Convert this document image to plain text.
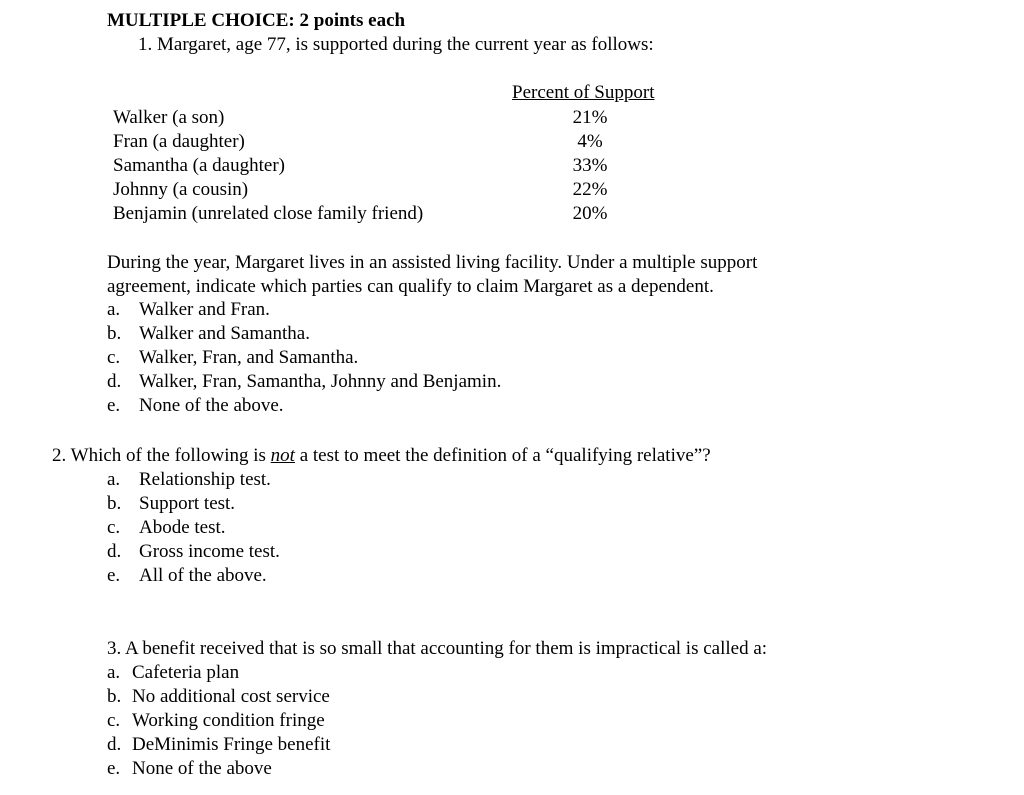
MULTIPLE CHOICE: 2 points each
1. Margaret, age 77, is supported during the current year as follows:
Percent of Support
Walker (a son)	21%
Fran (a daughter)	4%
Samantha (a daughter)	33%
Johnny (a cousin)	22%
Benjamin (unrelated close family friend)	20%
During the year, Margaret lives in an assisted living facility. Under a multiple support
agreement, indicate which parties can qualify to claim Margaret as a dependent.
a. Walker and Fran.
b. Walker and Samantha.
c. Walker, Fran, and Samantha.
d. Walker, Fran, Samantha, Johnny and Benjamin.
e. None of the above.
2. Which of the following is not a test to meet the definition of a “qualifying relative”?
a. Relationship test.
b. Support test.
c. Abode test.
d. Gross income test.
e. All of the above.
3. A benefit received that is so small that accounting for them is impractical is called a:
a. Cafeteria plan
b. No additional cost service
c. Working condition fringe
d. DeMinimis Fringe benefit
e. None of the above
